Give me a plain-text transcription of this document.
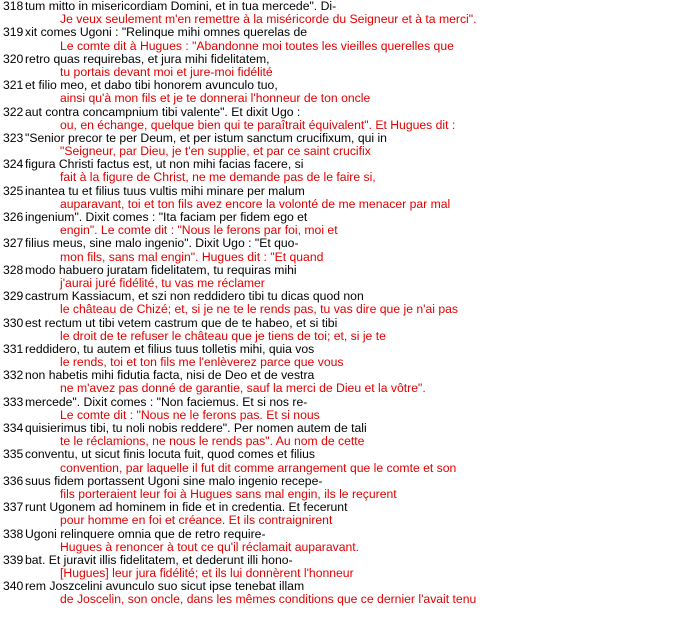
318 tum mitto in misericordiam Domini, et in tua mercede". Di-
Je veux seulement m'en remettre à la miséricorde du Seigneur et à ta merci".
319 xit comes Ugoni : "Relinque mihi omnes querelas de
Le comte dit à Hugues : "Abandonne moi toutes les vieilles querelles que
320 retro quas requirebas, et jura mihi fidelitatem,
tu portais devant moi et jure-moi fidélité
321 et filio meo, et dabo tibi honorem avunculo tuo,
ainsi qu'à mon fils et je te donnerai l'honneur de ton oncle
322 aut contra concampnium tibi valente". Et dixit Ugo :
ou, en échange, quelque bien qui te paraîtrait équivalent". Et Hugues dit :
323 "Senior precor te per Deum, et per istum sanctum crucifixum, qui in
"Seigneur, par Dieu, je t'en supplie, et par ce saint crucifix
324 figura Christi factus est, ut non mihi facias facere, si
fait à la figure de Christ, ne me demande pas de le faire si,
325 inantea tu et filius tuus vultis mihi minare per malum
auparavant, toi et ton fils avez encore la volonté de me menacer par mal
326 ingenium". Dixit comes : "Ita faciam per fidem ego et
engin". Le comte dit : "Nous le ferons par foi, moi et
327 filius meus, sine malo ingenio". Dixit Ugo : "Et quo-
mon fils, sans mal engin". Hugues dit : "Et quand
328 modo habuero juratam fidelitatem, tu requiras mihi
j'aurai juré fidélité, tu vas me réclamer
329 castrum Kassiacum, et szi non reddidero tibi tu dicas quod non
le château de Chizé; et, si je ne te le rends pas, tu vas dire que je n'ai pas
330 est rectum ut tibi vetem castrum que de te habeo, et si tibi
le droit de te refuser le château que je tiens de toi; et, si je te
331 reddidero, tu autem et filius tuus tolletis mihi, quia vos
le rends, toi et ton fils me l'enlèverez parce que vous
332 non habetis mihi fidutia facta, nisi de Deo et de vestra
ne m'avez pas donné de garantie, sauf la merci de Dieu et la vôtre".
333 mercede". Dixit comes : "Non faciemus. Et si nos re-
Le comte dit : "Nous ne le ferons pas. Et si nous
334 quisierimus tibi, tu noli nobis reddere". Per nomen autem de tali
te le réclamions, ne nous le rends pas". Au nom de cette
335 conventu, ut sicut finis locuta fuit, quod comes et filius
convention, par laquelle il fut dit comme arrangement que le comte et son
336 suus fidem portassent Ugoni sine malo ingenio recepe-
fils porteraient leur foi à Hugues sans mal engin, ils le reçurent
337 runt Ugonem ad hominem in fide et in credentia. Et fecerunt
pour homme en foi et créance. Et ils contraignirent
338 Ugoni relinquere omnia que de retro require-
Hugues à renoncer à tout ce qu'il réclamait auparavant.
339 bat. Et juravit illis fidelitatem, et dederunt illi hono-
[Hugues] leur jura fidélité; et ils lui donnèrent l'honneur
340 rem Joszcelini avunculo suo sicut ipse tenebat illam
de Joscelin, son oncle, dans les mêmes conditions que ce dernier l'avait tenu
